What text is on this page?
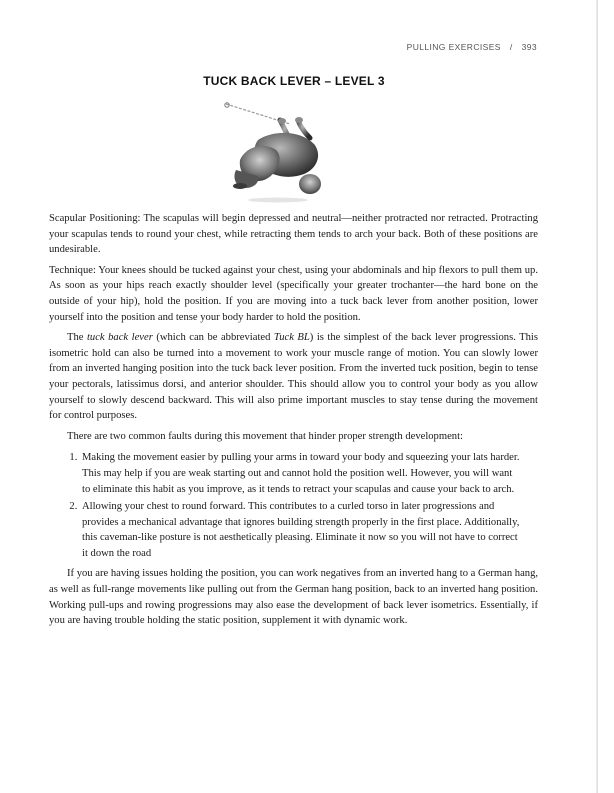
PULLING EXERCISES / 393
TUCK BACK LEVER – LEVEL 3

Scapular Positioning: The scapulas will begin depressed and neutral—neither protracted nor retracted. Protracting your scapulas tends to round your chest, while retracting them tends to arch your back. Both of these positions are undesirable.

Technique: Your knees should be tucked against your chest, using your abdominals and hip flexors to pull them up. As soon as your hips reach exactly shoulder level (specifically your greater trochanter—the hard bone on the outside of your hip), hold the position. If you are moving into a tuck back lever from another position, lower yourself into the position and tense your body harder to hold the position.

The tuck back lever (which can be abbreviated Tuck BL) is the simplest of the back lever progressions. This isometric hold can also be turned into a movement to work your muscle range of motion. You can slowly lower from an inverted hanging position into the tuck back lever position. From the inverted tuck position, begin to tense your pectorals, latissimus dorsi, and anterior shoulder. This should allow you to control your body as you allow yourself to slowly descend backward. This will also prime important muscles to stay tense during the movement for control purposes.

There are two common faults during this movement that hinder proper strength development:

1. Making the movement easier by pulling your arms in toward your body and squeezing your lats harder. This may help if you are weak starting out and cannot hold the position well. However, you will want to eliminate this habit as you improve, as it tends to retract your scapulas and cause your back to arch.
2. Allowing your chest to round forward. This contributes to a curled torso in later progressions and provides a mechanical advantage that ignores building strength properly in the first place. Additionally, this caveman-like posture is not aesthetically pleasing. Eliminate it now so you will not have to correct it down the road

If you are having issues holding the position, you can work negatives from an inverted hang to a German hang, as well as full-range movements like pulling out from the German hang position, back to an inverted hang position. Working pull-ups and rowing progressions may also ease the development of back lever isometrics. Essentially, if you are having trouble holding the static position, supplement it with dynamic work.
